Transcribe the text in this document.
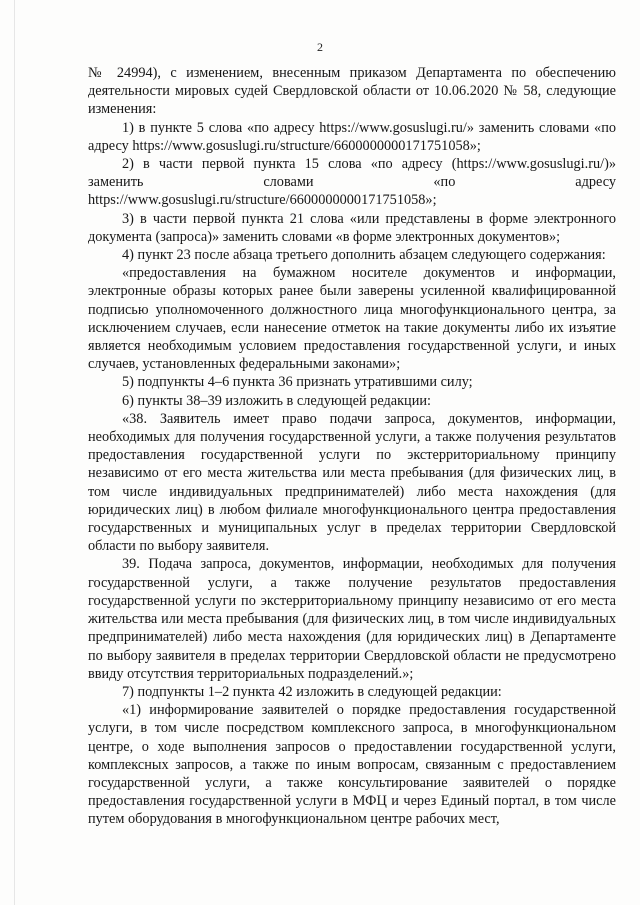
2

№ 24994), с изменением, внесенным приказом Департамента по обеспечению деятельности мировых судей Свердловской области от 10.06.2020 № 58, следующие изменения:

1) в пункте 5 слова «по адресу https://www.gosuslugi.ru/» заменить словами «по адресу https://www.gosuslugi.ru/structure/6600000000171751058»;

2) в части первой пункта 15 слова «по адресу (https://www.gosuslugi.ru/)» заменить словами «по адресу https://www.gosuslugi.ru/structure/6600000000171751058»;

3) в части первой пункта 21 слова «или представлены в форме электронного документа (запроса)» заменить словами «в форме электронных документов»;

4) пункт 23 после абзаца третьего дополнить абзацем следующего содержания:

«предоставления на бумажном носителе документов и информации, электронные образы которых ранее были заверены усиленной квалифицированной подписью уполномоченного должностного лица многофункционального центра, за исключением случаев, если нанесение отметок на такие документы либо их изъятие является необходимым условием предоставления государственной услуги, и иных случаев, установленных федеральными законами»;

5) подпункты 4–6 пункта 36 признать утратившими силу;

6) пункты 38–39 изложить в следующей редакции:

«38. Заявитель имеет право подачи запроса, документов, информации, необходимых для получения государственной услуги, а также получения результатов предоставления государственной услуги по экстерриториальному принципу независимо от его места жительства или места пребывания (для физических лиц, в том числе индивидуальных предпринимателей) либо места нахождения (для юридических лиц) в любом филиале многофункционального центра предоставления государственных и муниципальных услуг в пределах территории Свердловской области по выбору заявителя.

39. Подача запроса, документов, информации, необходимых для получения государственной услуги, а также получение результатов предоставления государственной услуги по экстерриториальному принципу независимо от его места жительства или места пребывания (для физических лиц, в том числе индивидуальных предпринимателей) либо места нахождения (для юридических лиц) в Департаменте по выбору заявителя в пределах территории Свердловской области не предусмотрено ввиду отсутствия территориальных подразделений.»;

7) подпункты 1–2 пункта 42 изложить в следующей редакции:

«1) информирование заявителей о порядке предоставления государственной услуги, в том числе посредством комплексного запроса, в многофункциональном центре, о ходе выполнения запросов о предоставлении государственной услуги, комплексных запросов, а также по иным вопросам, связанным с предоставлением государственной услуги, а также консультирование заявителей о порядке предоставления государственной услуги в МФЦ и через Единый портал, в том числе путем оборудования в многофункциональном центре рабочих мест,
